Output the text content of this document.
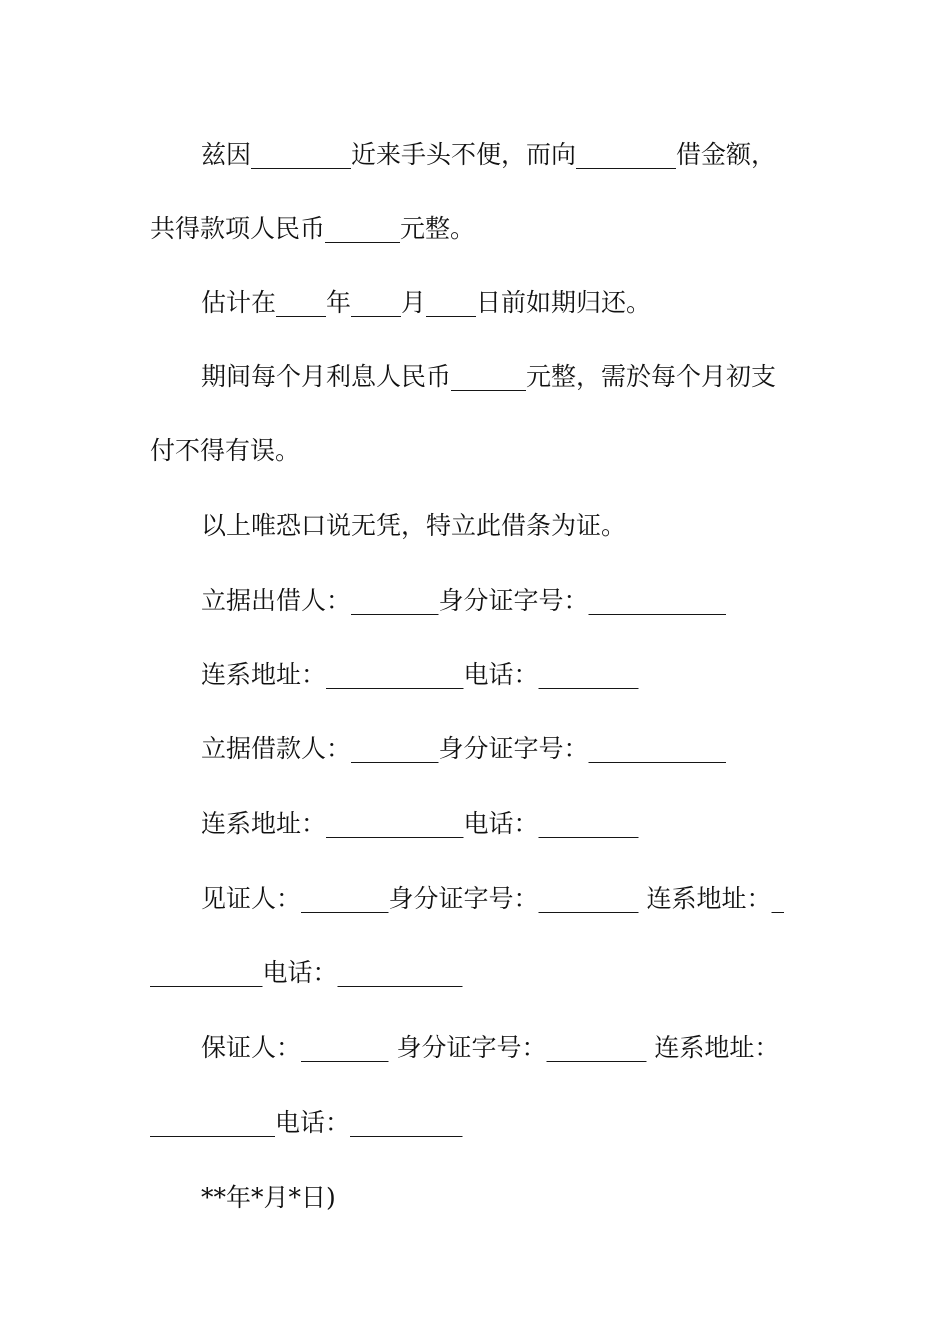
兹因________近来手头不便，而向________借金额，

共得款项人民币______元整。

估计在____年____月____日前如期归还。

期间每个月利息人民币______元整，需於每个月初支

付不得有误。

以上唯恐口说无凭，特立此借条为证。

立据出借人：_______身分证字号：___________

连系地址：___________电话：________

立据借款人：_______身分证字号：___________

连系地址：___________电话：________

见证人：_______身分证字号：________ 连系地址：_

_________电话：__________

保证人：_______ 身分证字号：________ 连系地址：

__________电话：_________

**年*月*日)
